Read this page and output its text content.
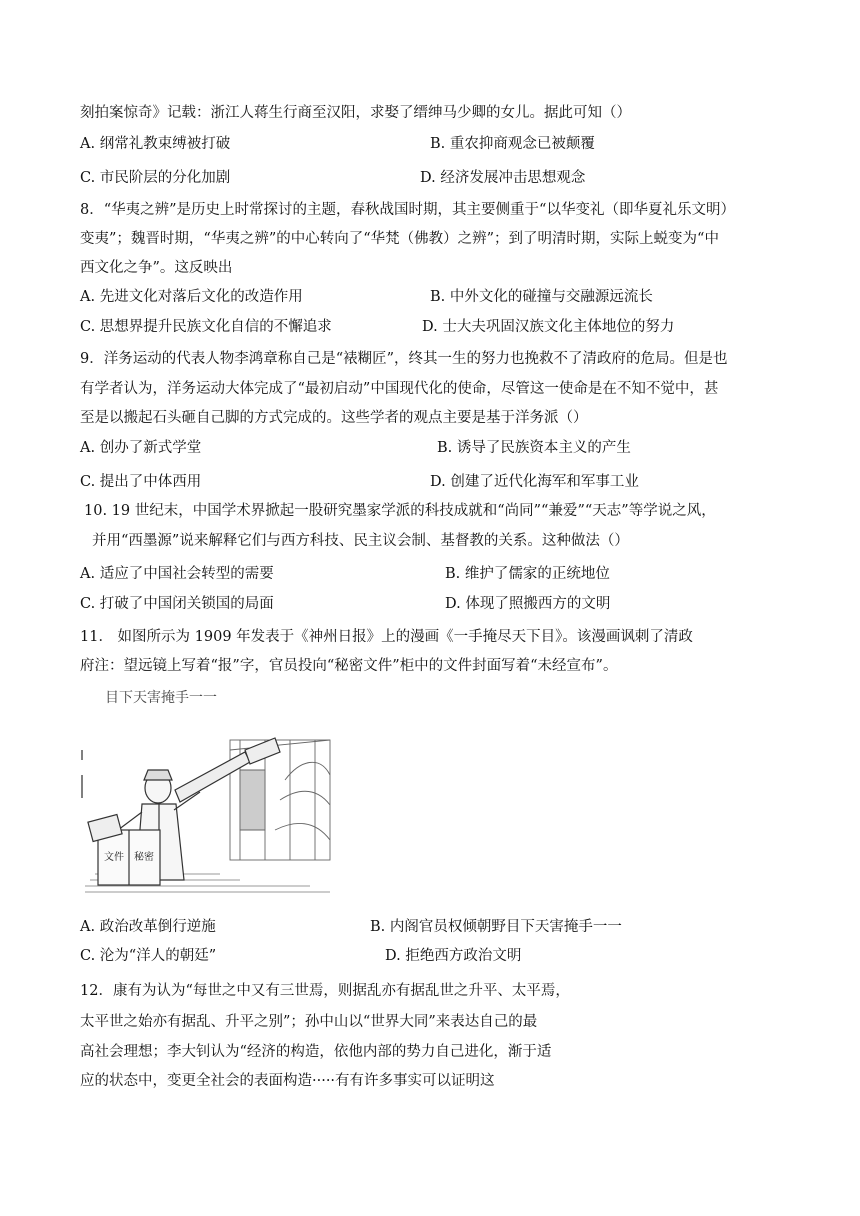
刻拍案惊奇》记载：浙江人蒋生行商至汉阳，求娶了缙绅马少卿的女儿。据此可知（）
A. 纲常礼教束缚被打破	B. 重农抑商观念已被颠覆
C. 市民阶层的分化加剧	D. 经济发展冲击思想观念
8．“华夷之辨”是历史上时常探讨的主题，春秋战国时期，其主要侧重于“以华变礼（即华夏礼乐文明）
变夷”；魏晋时期，“华夷之辨”的中心转向了“华梵（佛教）之辨”；到了明清时期，实际上蜕变为“中
西文化之争”。这反映出
A. 先进文化对落后文化的改造作用	B. 中外文化的碰撞与交融源远流长
C. 思想界提升民族文化自信的不懈追求	D. 士大夫巩固汉族文化主体地位的努力
9．洋务运动的代表人物李鸿章称自己是“裱糊匠”，终其一生的努力也挽救不了清政府的危局。但是也
有学者认为，洋务运动大体完成了“最初启动”中国现代化的使命，尽管这一使命是在不知不觉中，甚
至是以搬起石头砸自己脚的方式完成的。这些学者的观点主要是基于洋务派（）
A. 创办了新式学堂	B. 诱导了民族资本主义的产生
C. 提出了中体西用	D. 创建了近代化海军和军事工业
10. 19 世纪末，中国学术界掀起一股研究墨家学派的科技成就和“尚同”“兼爱”“天志”等学说之风，
并用“西墨源”说来解释它们与西方科技、民主议会制、基督教的关系。这种做法（）
A. 适应了中国社会转型的需要	B. 维护了儒家的正统地位
C. 打破了中国闭关锁国的局面	D. 体现了照搬西方的文明
11． 如图所示为 1909 年发表于《神州日报》上的漫画《一手掩尽天下目》。该漫画讽刺了清政
府注：望远镜上写着“报”字，官员投向“秘密文件”柜中的文件封面写着“未经宣布”。
目下天害掩手一一
文件 秘密
A. 政治改革倒行逆施	B. 内阁官员权倾朝野目下天害掩手一一
C. 沦为“洋人的朝廷”	D. 拒绝西方政治文明
12．康有为认为“每世之中又有三世焉，则据乱亦有据乱世之升平、太平焉，
太平世之始亦有据乱、升平之别”；孙中山以“世界大同”来表达自己的最
高社会理想；李大钊认为“经济的构造，依他内部的势力自己进化，渐于适
应的状态中，变更全社会的表面构造·····有有许多事实可以证明这
